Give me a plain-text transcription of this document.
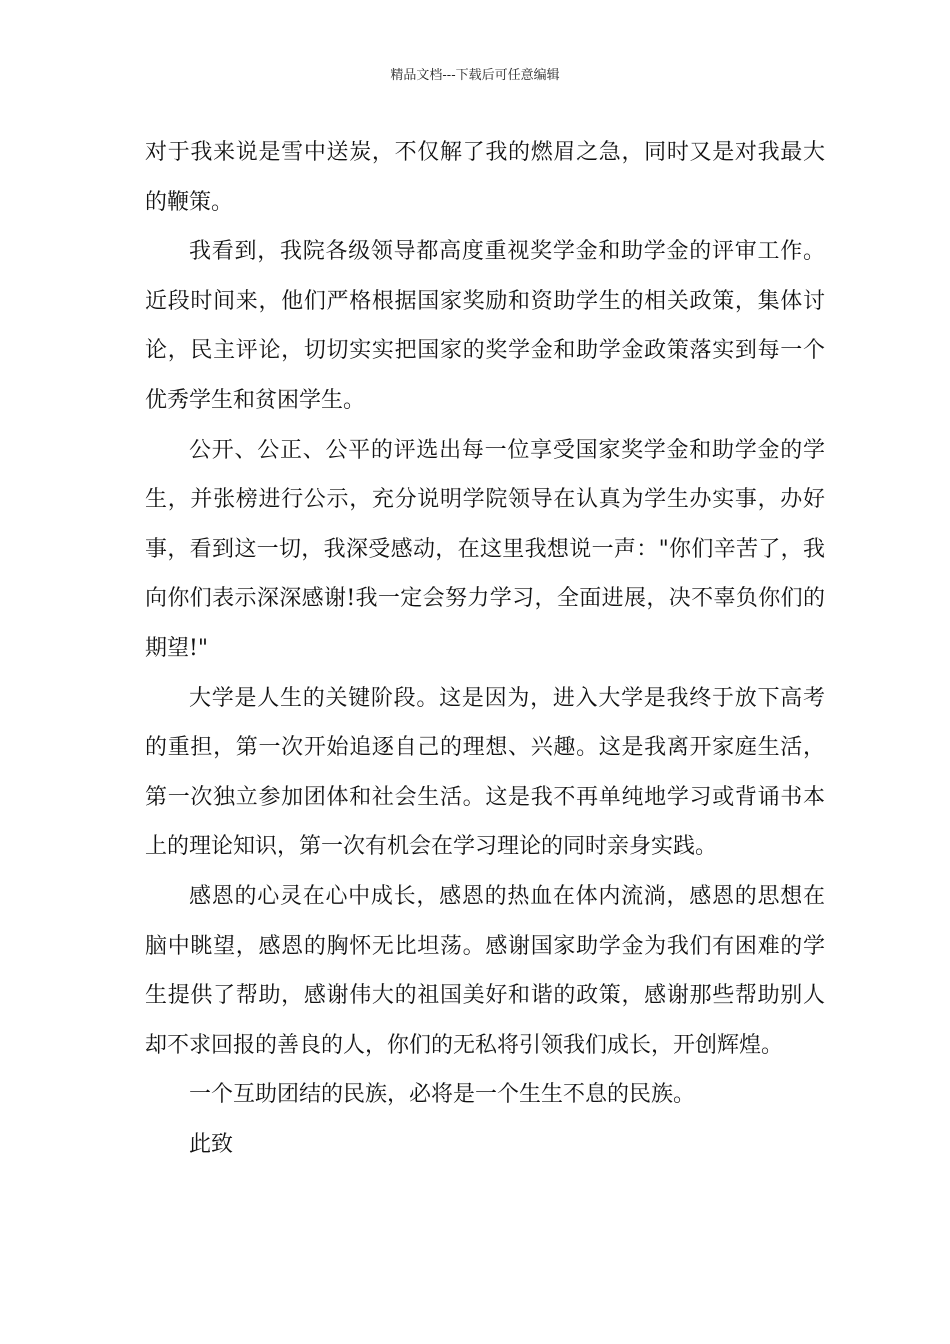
精品文档---下载后可任意编辑

对于我来说是雪中送炭，不仅解了我的燃眉之急，同时又是对我最大的鞭策。

我看到，我院各级领导都高度重视奖学金和助学金的评审工作。近段时间来，他们严格根据国家奖励和资助学生的相关政策，集体讨论，民主评论，切切实实把国家的奖学金和助学金政策落实到每一个优秀学生和贫困学生。

公开、公正、公平的评选出每一位享受国家奖学金和助学金的学生，并张榜进行公示，充分说明学院领导在认真为学生办实事，办好事，看到这一切，我深受感动，在这里我想说一声："你们辛苦了，我向你们表示深深感谢!我一定会努力学习，全面进展，决不辜负你们的期望!"

大学是人生的关键阶段。这是因为，进入大学是我终于放下高考的重担，第一次开始追逐自己的理想、兴趣。这是我离开家庭生活，第一次独立参加团体和社会生活。这是我不再单纯地学习或背诵书本上的理论知识，第一次有机会在学习理论的同时亲身实践。

感恩的心灵在心中成长，感恩的热血在体内流淌，感恩的思想在脑中眺望，感恩的胸怀无比坦荡。感谢国家助学金为我们有困难的学生提供了帮助，感谢伟大的祖国美好和谐的政策，感谢那些帮助别人却不求回报的善良的人，你们的无私将引领我们成长，开创辉煌。

一个互助团结的民族，必将是一个生生不息的民族。

此致
